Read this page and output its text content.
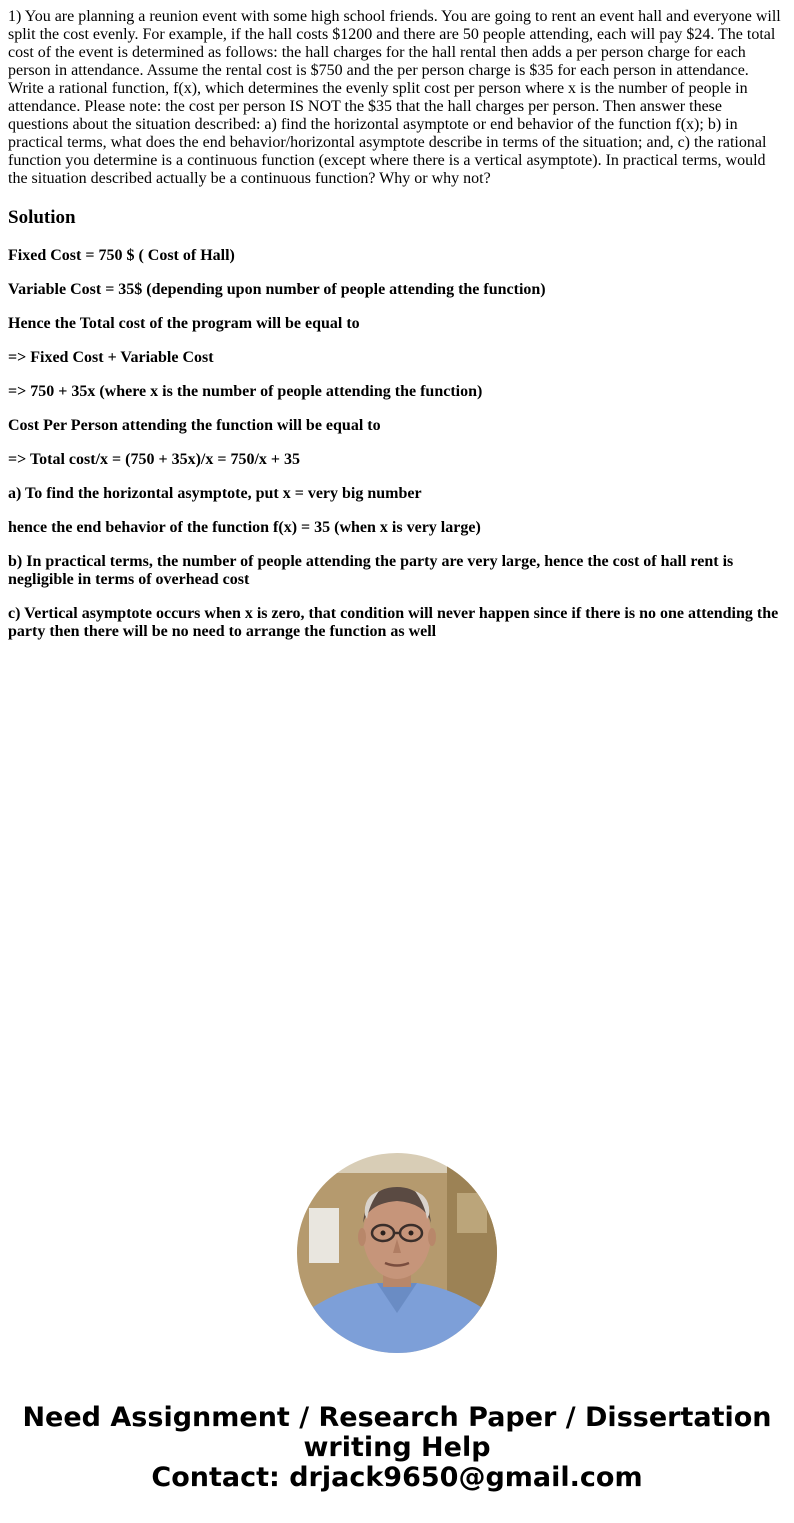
1) You are planning a reunion event with some high school friends. You are going to rent an event hall and everyone will split the cost evenly. For example, if the hall costs $1200 and there are 50 people attending, each will pay $24. The total cost of the event is determined as follows: the hall charges for the hall rental then adds a per person charge for each person in attendance. Assume the rental cost is $750 and the per person charge is $35 for each person in attendance. Write a rational function, f(x), which determines the evenly split cost per person where x is the number of people in attendance. Please note: the cost per person IS NOT the $35 that the hall charges per person. Then answer these questions about the situation described: a) find the horizontal asymptote or end behavior of the function f(x); b) in practical terms, what does the end behavior/horizontal asymptote describe in terms of the situation; and, c) the rational function you determine is a continuous function (except where there is a vertical asymptote). In practical terms, would the situation described actually be a continuous function? Why or why not?

Solution

Fixed Cost = 750 $ ( Cost of Hall)

Variable Cost = 35$ (depending upon number of people attending the function)

Hence the Total cost of the program will be equal to

=> Fixed Cost + Variable Cost

=> 750 + 35x (where x is the number of people attending the function)

Cost Per Person attending the function will be equal to

=> Total cost/x = (750 + 35x)/x = 750/x + 35

a) To find the horizontal asymptote, put x = very big number

hence the end behavior of the function f(x) = 35 (when x is very large)

b) In practical terms, the number of people attending the party are very large, hence the cost of hall rent is negligible in terms of overhead cost

c) Vertical asymptote occurs when x is zero, that condition will never happen since if there is no one attending the party then there will be no need to arrange the function as well

Need Assignment / Research Paper / Dissertation writing Help
Contact: drjack9650@gmail.com
